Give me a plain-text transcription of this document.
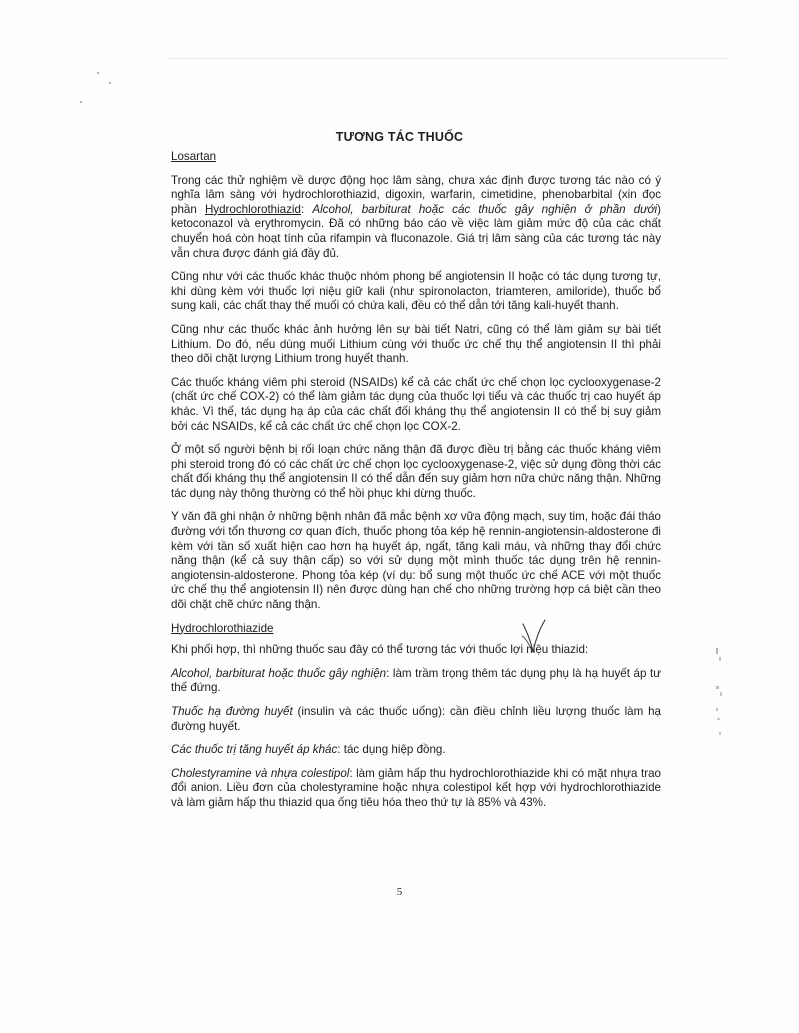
TƯƠNG TÁC THUỐC
Losartan

Trong các thử nghiệm về dược động học lâm sàng, chưa xác định được tương tác nào có ý nghĩa lâm sàng với hydrochlorothiazid, digoxin, warfarin, cimetidine, phenobarbital (xin đọc phần Hydrochlorothiazid: Alcohol, barbiturat hoặc các thuốc gây nghiện ở phần dưới) ketoconazol và erythromycin. Đã có những báo cáo về việc làm giảm mức độ của các chất chuyển hoá còn hoạt tính của rifampin và fluconazole. Giá trị lâm sàng của các tương tác này vẫn chưa được đánh giá đầy đủ.

Cũng như với các thuốc khác thuộc nhóm phong bế angiotensin II hoặc có tác dụng tương tự, khi dùng kèm với thuốc lợi niệu giữ kali (như spironolacton, triamteren, amiloride), thuốc bổ sung kali, các chất thay thế muối có chứa kali, đều có thể dẫn tới tăng kali-huyết thanh.

Cũng như các thuốc khác ảnh hưởng lên sự bài tiết Natri, cũng có thể làm giảm sự bài tiết Lithium. Do đó, nếu dùng muối Lithium cùng với thuốc ức chế thụ thể angiotensin II thì phải theo dõi chặt lượng Lithium trong huyết thanh.

Các thuốc kháng viêm phi steroid (NSAIDs) kể cả các chất ức chế chọn lọc cyclooxygenase-2 (chất ức chế COX-2) có thể làm giảm tác dụng của thuốc lợi tiểu và các thuốc trị cao huyết áp khác. Vì thế, tác dụng hạ áp của các chất đối kháng thụ thể angiotensin II có thể bị suy giảm bởi các NSAIDs, kể cả các chất ức chế chọn lọc COX-2.

Ở một số người bệnh bị rối loạn chức năng thận đã được điều trị bằng các thuốc kháng viêm phi steroid trong đó có các chất ức chế chọn lọc cyclooxygenase-2, việc sử dụng đồng thời các chất đối kháng thụ thể angiotensin II có thể dẫn đến suy giảm hơn nữa chức năng thận. Những tác dụng này thông thường có thể hồi phục khi dừng thuốc.

Y văn đã ghi nhận ở những bệnh nhân đã mắc bệnh xơ vữa động mạch, suy tim, hoặc đái tháo đường với tổn thương cơ quan đích, thuốc phong tỏa kép hệ rennin-angiotensin-aldosterone đi kèm với tần số xuất hiện cao hơn hạ huyết áp, ngất, tăng kali máu, và những thay đổi chức năng thận (kể cả suy thận cấp) so với sử dụng một mình thuốc tác dụng trên hệ rennin-angiotensin-aldosterone. Phong tỏa kép (ví dụ: bổ sung một thuốc ức chế ACE với một thuốc ức chế thụ thể angiotensin II) nên được dùng hạn chế cho những trường hợp cá biệt cần theo dõi chặt chẽ chức năng thận.

Hydrochlorothiazide

Khi phối hợp, thì những thuốc sau đây có thể tương tác với thuốc lợi niệu thiazid:

Alcohol, barbiturat hoặc thuốc gây nghiện: làm trầm trọng thêm tác dụng phụ là hạ huyết áp tư thế đứng.

Thuốc hạ đường huyết (insulin và các thuốc uống): cần điều chỉnh liều lượng thuốc làm hạ đường huyết.

Các thuốc trị tăng huyết áp khác: tác dụng hiệp đồng.

Cholestyramine và nhựa colestipol: làm giảm hấp thu hydrochlorothiazide khi có mặt nhựa trao đổi anion. Liều đơn của cholestyramine hoặc nhựa colestipol kết hợp với hydrochlorothiazide và làm giảm hấp thu thiazid qua ống tiêu hóa theo thứ tự là 85% và 43%.

5
